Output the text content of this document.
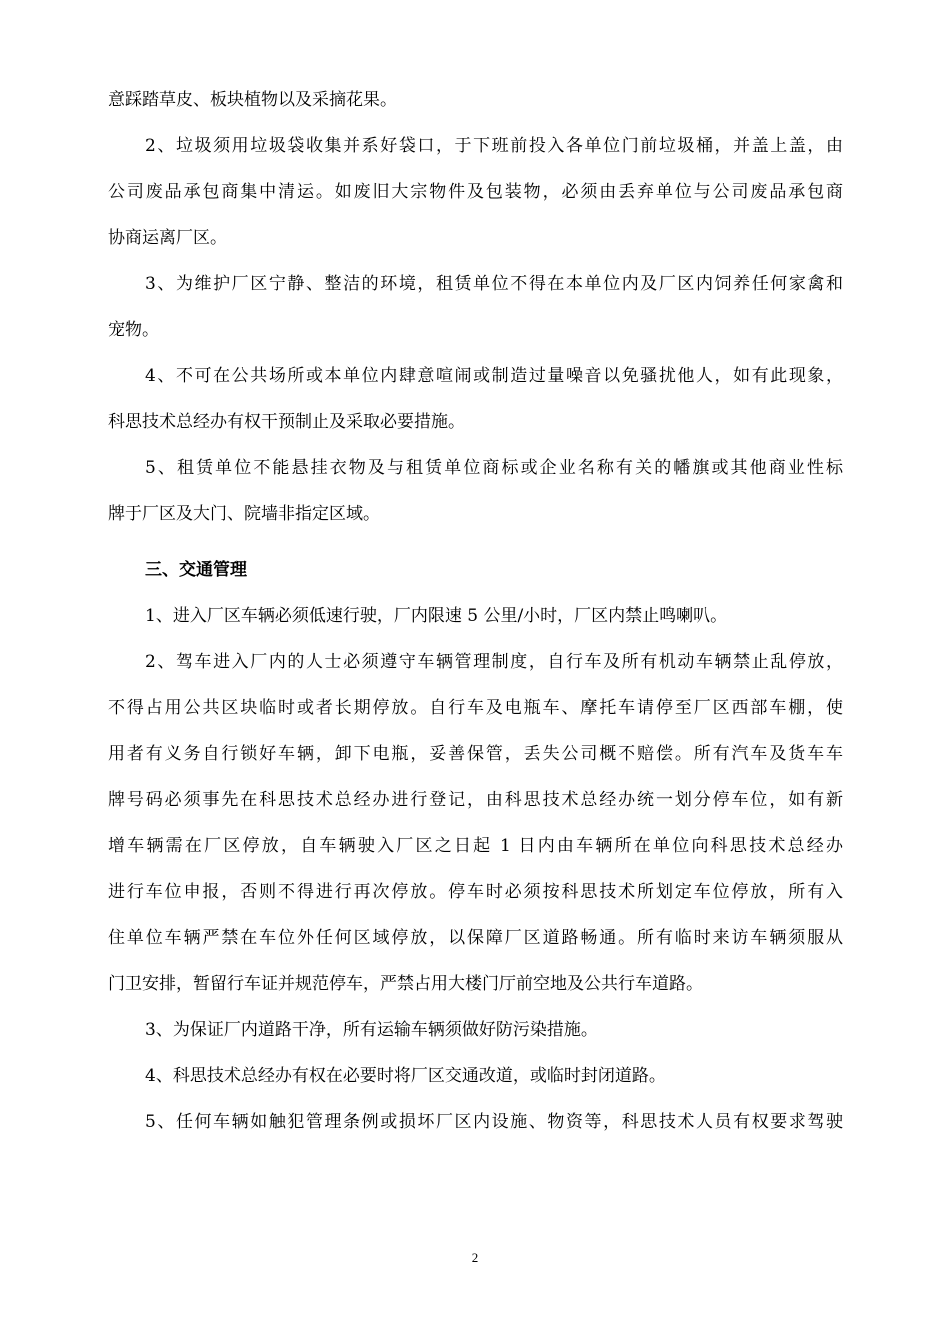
意踩踏草皮、板块植物以及采摘花果。
2、垃圾须用垃圾袋收集并系好袋口，于下班前投入各单位门前垃圾桶，并盖上盖，由
公司废品承包商集中清运。如废旧大宗物件及包装物，必须由丢弃单位与公司废品承包商
协商运离厂区。
3、为维护厂区宁静、整洁的环境，租赁单位不得在本单位内及厂区内饲养任何家禽和
宠物。
4、不可在公共场所或本单位内肆意喧闹或制造过量噪音以免骚扰他人，如有此现象，
科思技术总经办有权干预制止及采取必要措施。
5、租赁单位不能悬挂衣物及与租赁单位商标或企业名称有关的幡旗或其他商业性标
牌于厂区及大门、院墙非指定区域。
三、交通管理
1、进入厂区车辆必须低速行驶，厂内限速 5 公里/小时，厂区内禁止鸣喇叭。
2、驾车进入厂内的人士必须遵守车辆管理制度，自行车及所有机动车辆禁止乱停放，
不得占用公共区块临时或者长期停放。自行车及电瓶车、摩托车请停至厂区西部车棚，使
用者有义务自行锁好车辆，卸下电瓶，妥善保管，丢失公司概不赔偿。所有汽车及货车车
牌号码必须事先在科思技术总经办进行登记，由科思技术总经办统一划分停车位，如有新
增车辆需在厂区停放，自车辆驶入厂区之日起 1 日内由车辆所在单位向科思技术总经办
进行车位申报，否则不得进行再次停放。停车时必须按科思技术所划定车位停放，所有入
住单位车辆严禁在车位外任何区域停放，以保障厂区道路畅通。所有临时来访车辆须服从
门卫安排，暂留行车证并规范停车，严禁占用大楼门厅前空地及公共行车道路。
3、为保证厂内道路干净，所有运输车辆须做好防污染措施。
4、科思技术总经办有权在必要时将厂区交通改道，或临时封闭道路。
5、任何车辆如触犯管理条例或损坏厂区内设施、物资等，科思技术人员有权要求驾驶
2
